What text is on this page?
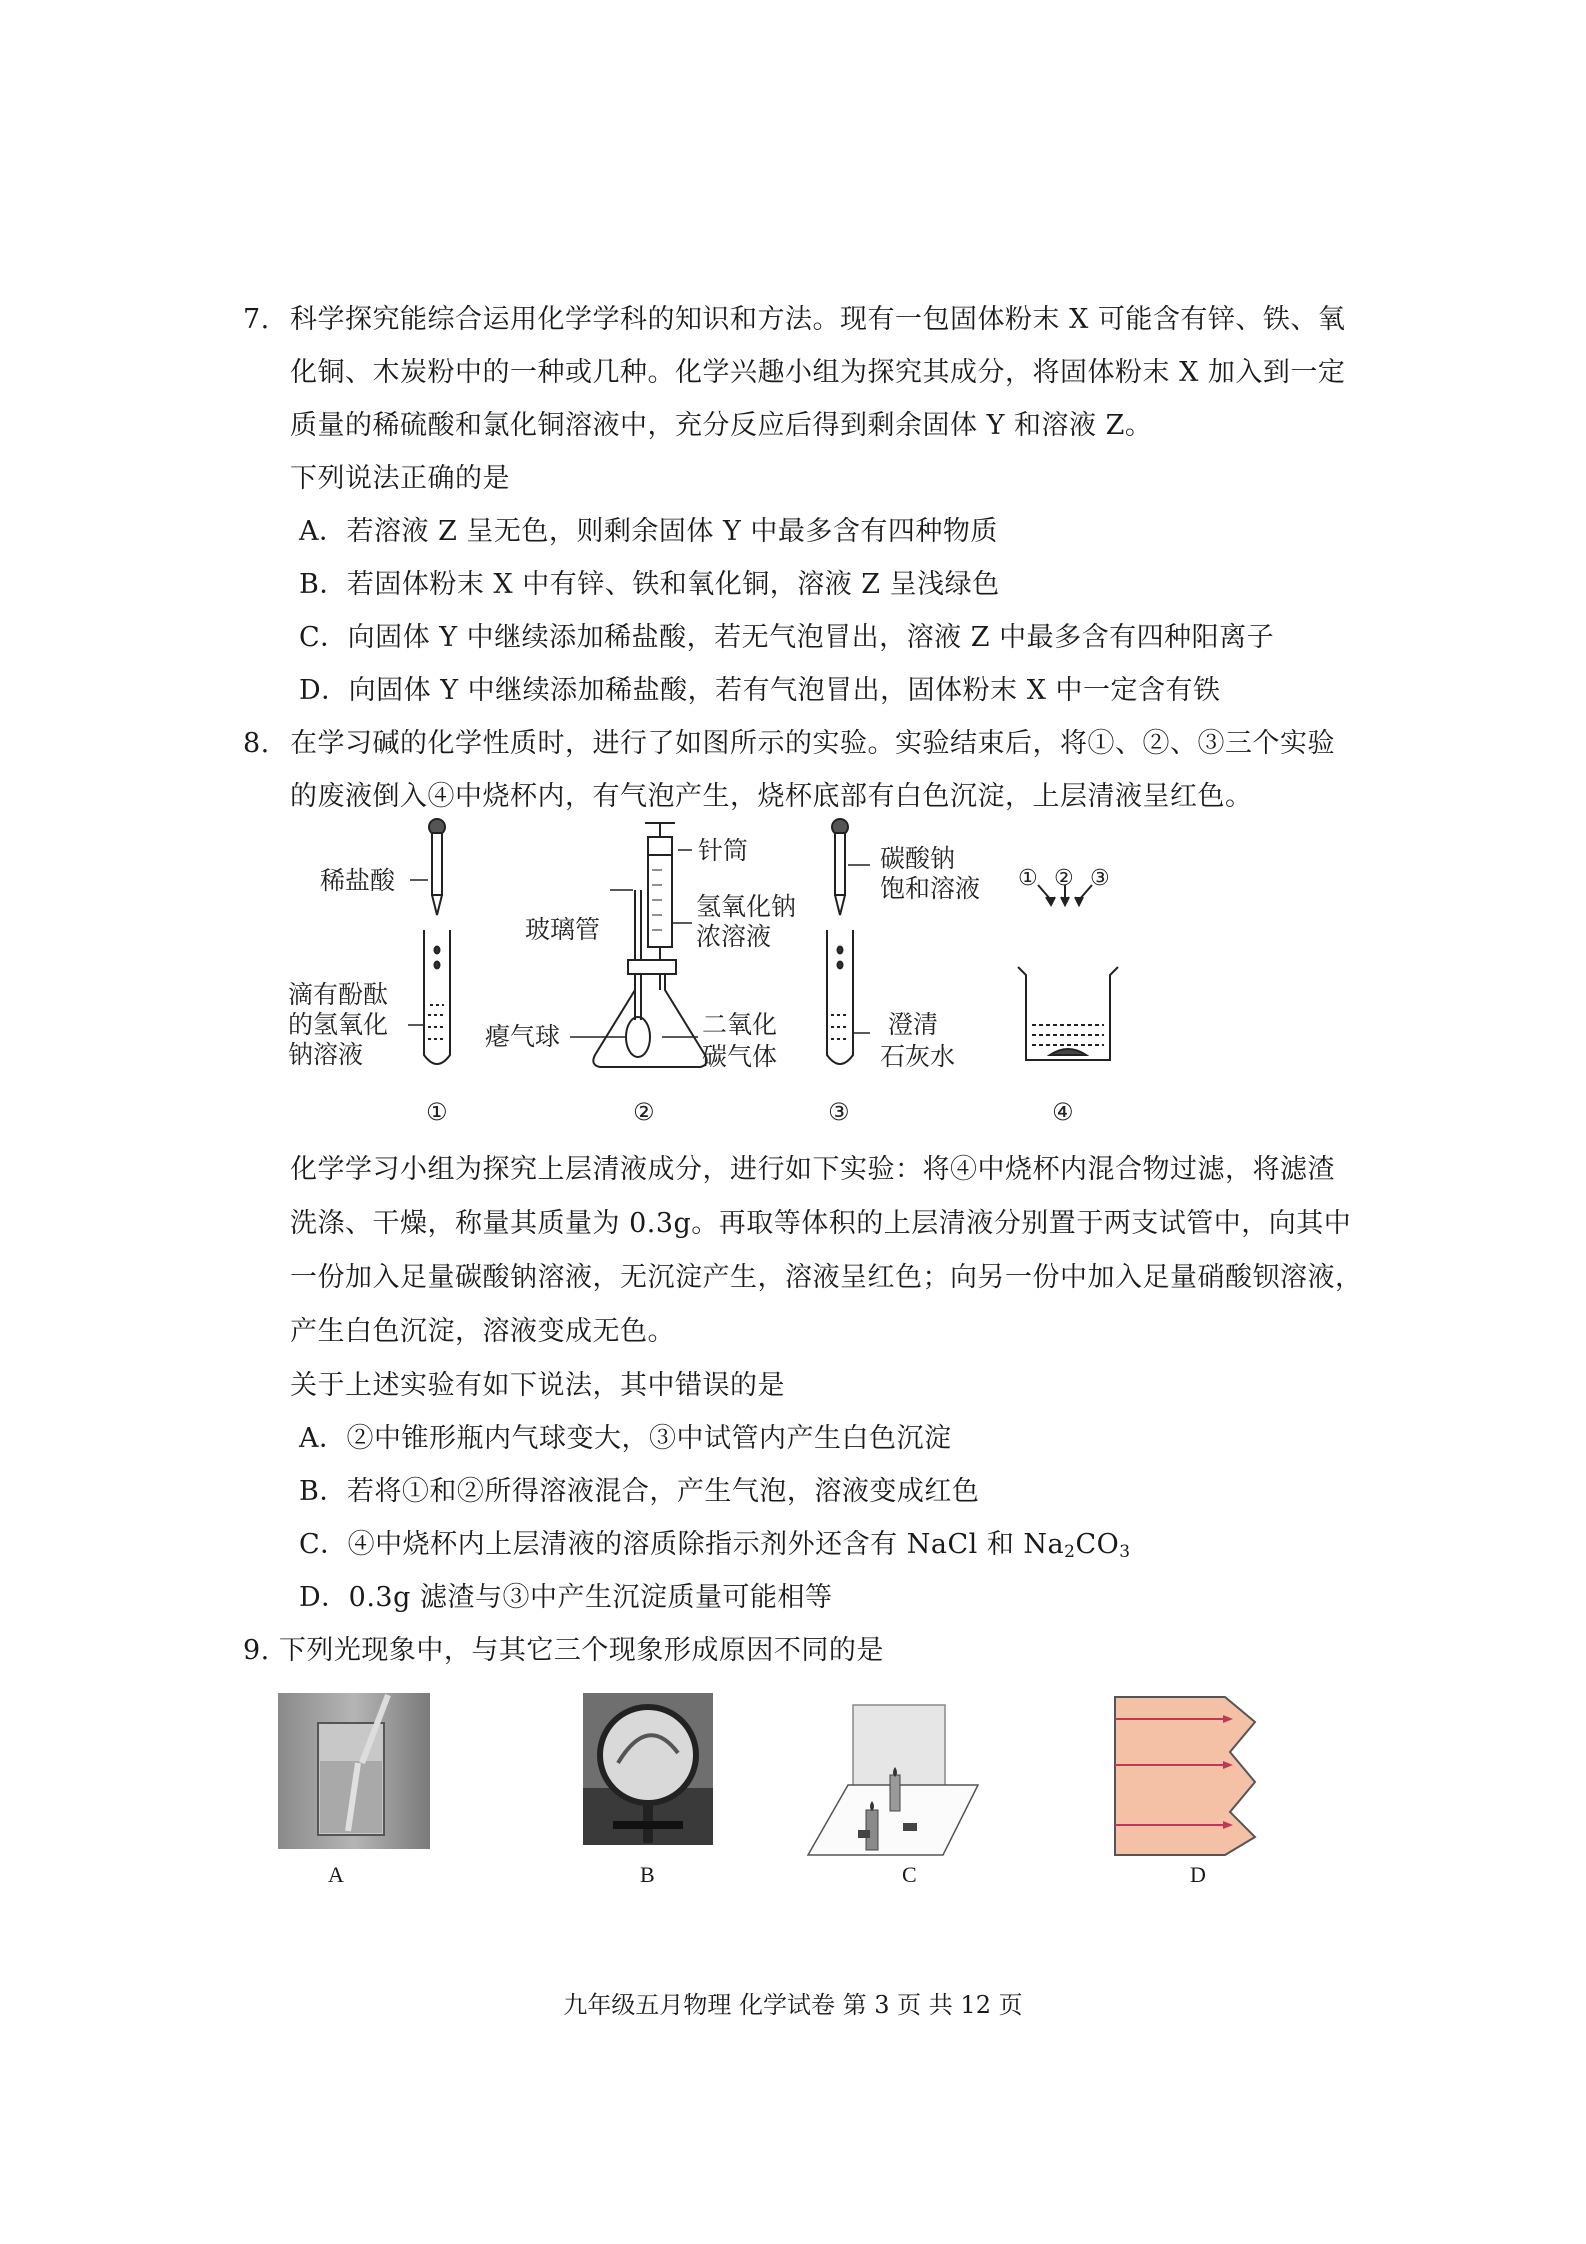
7. 科学探究能综合运用化学学科的知识和方法。现有一包固体粉末 X 可能含有锌、铁、氧
化铜、木炭粉中的一种或几种。化学兴趣小组为探究其成分，将固体粉末 X 加入到一定
质量的稀硫酸和氯化铜溶液中，充分反应后得到剩余固体 Y 和溶液 Z。
下列说法正确的是
A．若溶液 Z 呈无色，则剩余固体 Y 中最多含有四种物质
B．若固体粉末 X 中有锌、铁和氧化铜，溶液 Z 呈浅绿色
C．向固体 Y 中继续添加稀盐酸，若无气泡冒出，溶液 Z 中最多含有四种阳离子
D．向固体 Y 中继续添加稀盐酸，若有气泡冒出，固体粉末 X 中一定含有铁
8. 在学习碱的化学性质时，进行了如图所示的实验。实验结束后，将①、②、③三个实验
的废液倒入④中烧杯内，有气泡产生，烧杯底部有白色沉淀，上层清液呈红色。
稀盐酸
滴有酚酞
的氢氧化
钠溶液
针筒
氢氧化钠
浓溶液
玻璃管
瘪气球	二氧化
碳气体
碳酸钠
饱和溶液
澄清
石灰水
① ② ③
①	②	③	④
化学学习小组为探究上层清液成分，进行如下实验：将④中烧杯内混合物过滤，将滤渣
洗涤、干燥，称量其质量为 0.3g。再取等体积的上层清液分别置于两支试管中，向其中
一份加入足量碳酸钠溶液，无沉淀产生，溶液呈红色；向另一份中加入足量硝酸钡溶液，
产生白色沉淀，溶液变成无色。
关于上述实验有如下说法，其中错误的是
A．②中锥形瓶内气球变大，③中试管内产生白色沉淀
B．若将①和②所得溶液混合，产生气泡，溶液变成红色
C．④中烧杯内上层清液的溶质除指示剂外还含有 NaCl 和 $Na_2CO_3$
D．0.3g 滤渣与③中产生沉淀质量可能相等
9. 下列光现象中，与其它三个现象形成原因不同的是
A	B	C	D
九年级五月物理 化学试卷 第 3 页 共 12 页
